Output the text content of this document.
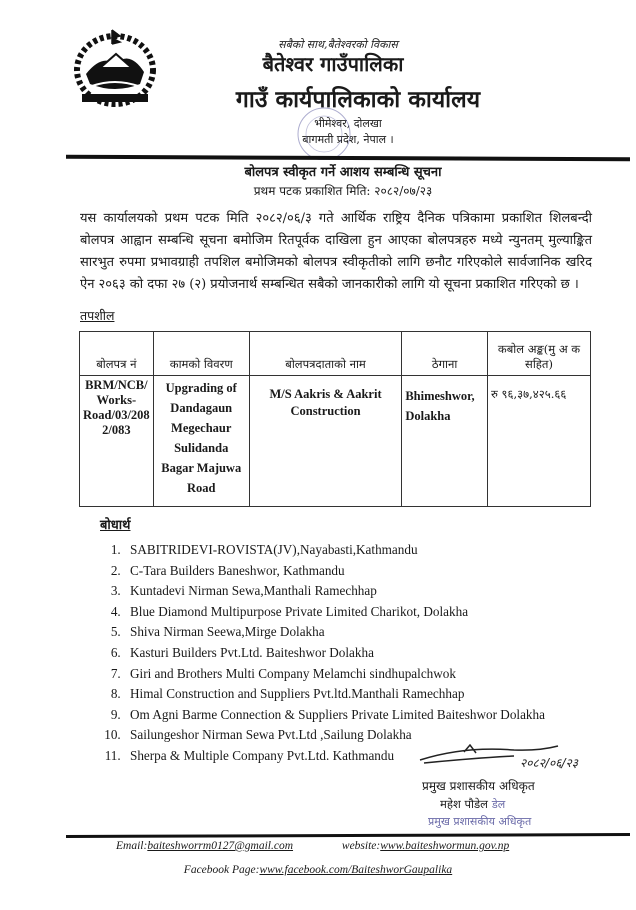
सबैको साथ,बैतेश्वरको विकास
बैतेश्वर गाउँपालिका
गाउँ कार्यपालिकाको कार्यालय
भीमेश्वर, दोलखा
बागमती प्रदेश, नेपाल ।
बोलपत्र स्वीकृत गर्ने आशय सम्बन्धि सूचना
प्रथम पटक प्रकाशित मिति: २०८२/०७/२३
यस कार्यालयको प्रथम पटक मिति २०८२/०६/३ गते आर्थिक राष्ट्रिय दैनिक पत्रिकामा प्रकाशित शिलबन्दी बोलपत्र आह्वान सम्बन्धि सूचना बमोजिम रितपूर्वक दाखिला हुन आएका बोलपत्रहरु मध्ये न्युनतम् मुल्याङ्कित सारभुत रुपमा प्रभावग्राही तपशिल बमोजिमको बोलपत्र स्वीकृतीको लागि छनौट गरिएकोले सार्वजानिक खरिद ऐन २०६३ को दफा २७ (२) प्रयोजनार्थ सम्बन्धित सबैको जानकारीको लागि यो सूचना प्रकाशित गरिएको छ ।
तपशील
बोलपत्र नं	कामको विवरण	बोलपत्रदाताको नाम	ठेगाना	कबोल अङ्क(मु अ क सहित)
BRM/NCB/ Works- Road/03/208 2/083	Upgrading of Dandagaun Megechaur Sulidanda Bagar Majuwa Road	M/S Aakris & Aakrit Construction	Bhimeshwor, Dolakha	रु ९६,३७,४२५.६६
बोधार्थ
1. SABITRIDEVI-ROVISTA(JV),Nayabasti,Kathmandu
2. C-Tara Builders Baneshwor, Kathmandu
3. Kuntadevi Nirman Sewa,Manthali Ramechhap
4. Blue Diamond Multipurpose Private Limited Charikot, Dolakha
5. Shiva Nirman Seewa,Mirge Dolakha
6. Kasturi Builders Pvt.Ltd. Baiteshwor Dolakha
7. Giri and Brothers Multi Company Melamchi sindhupalchwok
8. Himal Construction and Suppliers Pvt.ltd.Manthali Ramechhap
9. Om Agni Barme Connection & Suppliers Private Limited Baiteshwor Dolakha
10. Sailungeshor Nirman Sewa Pvt.Ltd ,Sailung Dolakha
11. Sherpa & Multiple Company Pvt.Ltd. Kathmandu
२०८२/०६/२३
प्रमुख प्रशासकीय अधिकृत
महेश पौडेल डेल
प्रमुख प्रशासकीय अधिकृत
Email:baiteshworrm0127@gmail.com	website:www.baiteshwormun.gov.np
Facebook Page:www.facebook.com/BaiteshworGaupalika
